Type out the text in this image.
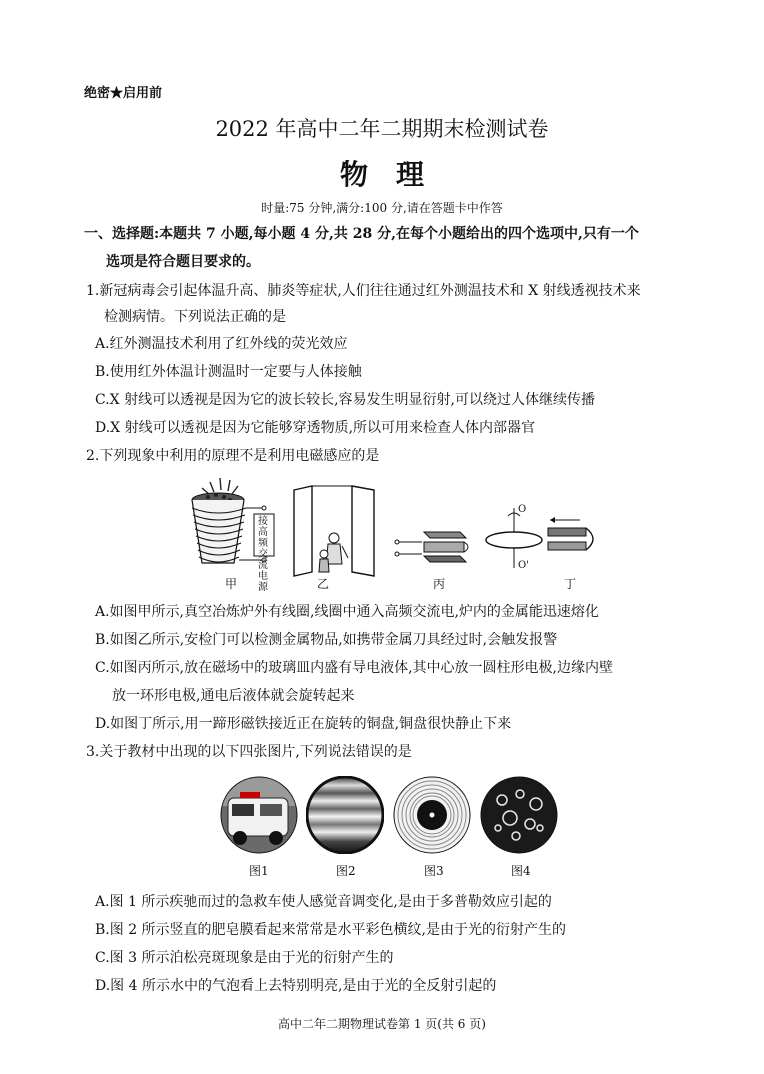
绝密★启用前
2022 年高中二年二期期末检测试卷
物理
时量:75 分钟,满分:100 分,请在答题卡中作答
一、选择题:本题共 7 小题,每小题 4 分,共 28 分,在每个小题给出的四个选项中,只有一个
选项是符合题目要求的。
1.新冠病毒会引起体温升高、肺炎等症状,人们往往通过红外测温技术和 X 射线透视技术来
检测病情。下列说法正确的是
A.红外测温技术利用了红外线的荧光效应
B.使用红外体温计测温时一定要与人体接触
C.X 射线可以透视是因为它的波长较长,容易发生明显衍射,可以绕过人体继续传播
D.X 射线可以透视是因为它能够穿透物质,所以可用来检查人体内部器官
2.下列现象中利用的原理不是利用电磁感应的是
接高频交流电源
甲	乙	丙
O
O'
丁
A.如图甲所示,真空冶炼炉外有线圈,线圈中通入高频交流电,炉内的金属能迅速熔化
B.如图乙所示,安检门可以检测金属物品,如携带金属刀具经过时,会触发报警
C.如图丙所示,放在磁场中的玻璃皿内盛有导电液体,其中心放一圆柱形电极,边缘内壁
放一环形电极,通电后液体就会旋转起来
D.如图丁所示,用一蹄形磁铁接近正在旋转的铜盘,铜盘很快静止下来
3.关于教材中出现的以下四张图片,下列说法错误的是
图1	图2	图3	图4
A.图 1 所示疾驰而过的急救车使人感觉音调变化,是由于多普勒效应引起的
B.图 2 所示竖直的肥皂膜看起来常常是水平彩色横纹,是由于光的衍射产生的
C.图 3 所示泊松亮斑现象是由于光的衍射产生的
D.图 4 所示水中的气泡看上去特别明亮,是由于光的全反射引起的
高中二年二期物理试卷第 1 页(共 6 页)
